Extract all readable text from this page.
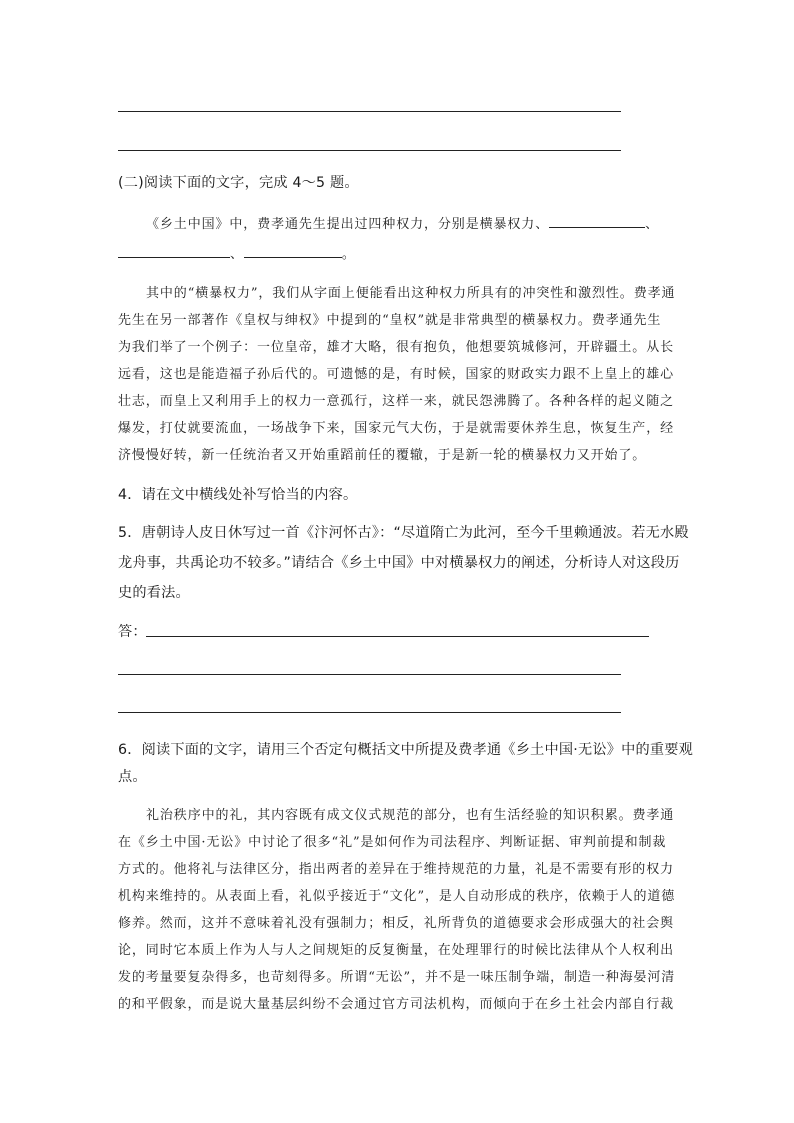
(二)阅读下面的文字，完成 4～5 题。
《乡土中国》中，费孝通先生提出过四种权力，分别是横暴权力、	、
、	。
其中的“横暴权力”，我们从字面上便能看出这种权力所具有的冲突性和激烈性。费孝通
先生在另一部著作《皇权与绅权》中提到的“皇权”就是非常典型的横暴权力。费孝通先生
为我们举了一个例子：一位皇帝，雄才大略，很有抱负，他想要筑城修河，开辟疆土。从长
远看，这也是能造福子孙后代的。可遗憾的是，有时候，国家的财政实力跟不上皇上的雄心
壮志，而皇上又利用手上的权力一意孤行，这样一来，就民怨沸腾了。各种各样的起义随之
爆发，打仗就要流血，一场战争下来，国家元气大伤，于是就需要休养生息，恢复生产，经
济慢慢好转，新一任统治者又开始重蹈前任的覆辙，于是新一轮的横暴权力又开始了。
4．请在文中横线处补写恰当的内容。
5．唐朝诗人皮日休写过一首《汴河怀古》：“尽道隋亡为此河，至今千里赖通波。若无水殿
龙舟事，共禹论功不较多。”请结合《乡土中国》中对横暴权力的阐述，分析诗人对这段历
史的看法。
答：
6．阅读下面的文字，请用三个否定句概括文中所提及费孝通《乡土中国·无讼》中的重要观
点。
礼治秩序中的礼，其内容既有成文仪式规范的部分，也有生活经验的知识积累。费孝通
在《乡土中国·无讼》中讨论了很多“礼”是如何作为司法程序、判断证据、审判前提和制裁
方式的。他将礼与法律区分，指出两者的差异在于维持规范的力量，礼是不需要有形的权力
机构来维持的。从表面上看，礼似乎接近于“文化”，是人自动形成的秩序，依赖于人的道德
修养。然而，这并不意味着礼没有强制力；相反，礼所背负的道德要求会形成强大的社会舆
论，同时它本质上作为人与人之间规矩的反复衡量，在处理罪行的时候比法律从个人权利出
发的考量要复杂得多，也苛刻得多。所谓“无讼”，并不是一味压制争端，制造一种海晏河清
的和平假象，而是说大量基层纠纷不会通过官方司法机构，而倾向于在乡土社会内部自行裁
